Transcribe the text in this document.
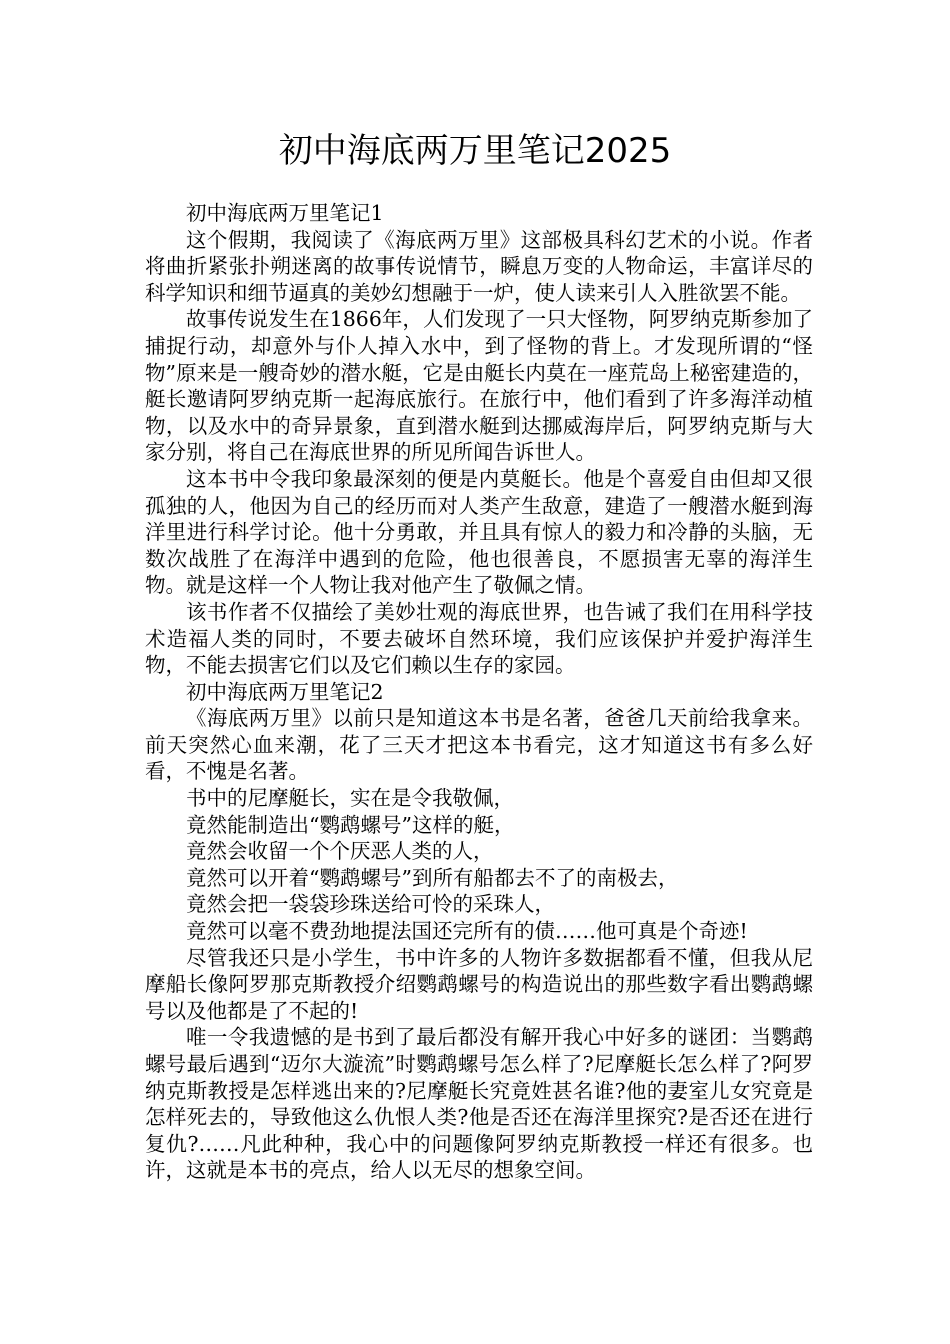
初中海底两万里笔记2025

初中海底两万里笔记1

这个假期，我阅读了《海底两万里》这部极具科幻艺术的小说。作者将曲折紧张扑朔迷离的故事传说情节，瞬息万变的人物命运，丰富详尽的科学知识和细节逼真的美妙幻想融于一炉，使人读来引人入胜欲罢不能。

故事传说发生在1866年，人们发现了一只大怪物，阿罗纳克斯参加了捕捉行动，却意外与仆人掉入水中，到了怪物的背上。才发现所谓的“怪物”原来是一艘奇妙的潜水艇，它是由艇长内莫在一座荒岛上秘密建造的，艇长邀请阿罗纳克斯一起海底旅行。在旅行中，他们看到了许多海洋动植物，以及水中的奇异景象，直到潜水艇到达挪威海岸后，阿罗纳克斯与大家分别，将自己在海底世界的所见所闻告诉世人。

这本书中令我印象最深刻的便是内莫艇长。他是个喜爱自由但却又很孤独的人，他因为自己的经历而对人类产生敌意，建造了一艘潜水艇到海洋里进行科学讨论。他十分勇敢，并且具有惊人的毅力和冷静的头脑，无数次战胜了在海洋中遇到的危险，他也很善良，不愿损害无辜的海洋生物。就是这样一个人物让我对他产生了敬佩之情。

该书作者不仅描绘了美妙壮观的海底世界，也告诫了我们在用科学技术造福人类的同时，不要去破坏自然环境，我们应该保护并爱护海洋生物，不能去损害它们以及它们赖以生存的家园。

初中海底两万里笔记2

《海底两万里》以前只是知道这本书是名著，爸爸几天前给我拿来。前天突然心血来潮，花了三天才把这本书看完，这才知道这书有多么好看，不愧是名著。

书中的尼摩艇长，实在是令我敬佩，

竟然能制造出“鹦鹉螺号”这样的艇，

竟然会收留一个个厌恶人类的人，

竟然可以开着“鹦鹉螺号”到所有船都去不了的南极去，

竟然会把一袋袋珍珠送给可怜的采珠人，

竟然可以毫不费劲地提法国还完所有的债……他可真是个奇迹!

尽管我还只是小学生，书中许多的人物许多数据都看不懂，但我从尼摩船长像阿罗那克斯教授介绍鹦鹉螺号的构造说出的那些数字看出鹦鹉螺号以及他都是了不起的!

唯一令我遗憾的是书到了最后都没有解开我心中好多的谜团：当鹦鹉螺号最后遇到“迈尔大漩流”时鹦鹉螺号怎么样了?尼摩艇长怎么样了?阿罗纳克斯教授是怎样逃出来的?尼摩艇长究竟姓甚名谁?他的妻室儿女究竟是怎样死去的，导致他这么仇恨人类?他是否还在海洋里探究?是否还在进行复仇?……凡此种种，我心中的问题像阿罗纳克斯教授一样还有很多。也许，这就是本书的亮点，给人以无尽的想象空间。
